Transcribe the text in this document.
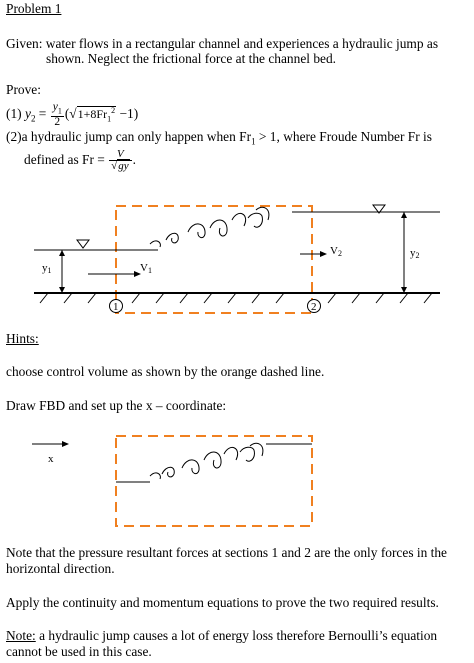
Problem 1
Given: water flows in a rectangular channel and experiences a hydraulic jump as
shown. Neglect the frictional force at the channel bed.
Prove:
(1) $y_2 = \frac{y_1}{2} (√1+8Fr_1^2 -1)$
(2)a hydraulic jump can only happen when $Fr_1 > 1$, where Froude Number Fr is
defined as $Fr = \frac{V}{√gy}$ .
y1	V1
V2	y2
1	2
Hints:
choose control volume as shown by the orange dashed line.
Draw FBD and set up the x – coordinate:
x
Note that the pressure resultant forces at sections 1 and 2 are the only forces in the
horizontal direction.
Apply the continuity and momentum equations to prove the two required results.
Note: a hydraulic jump causes a lot of energy loss therefore Bernoulli’s equation
cannot be used in this case.
